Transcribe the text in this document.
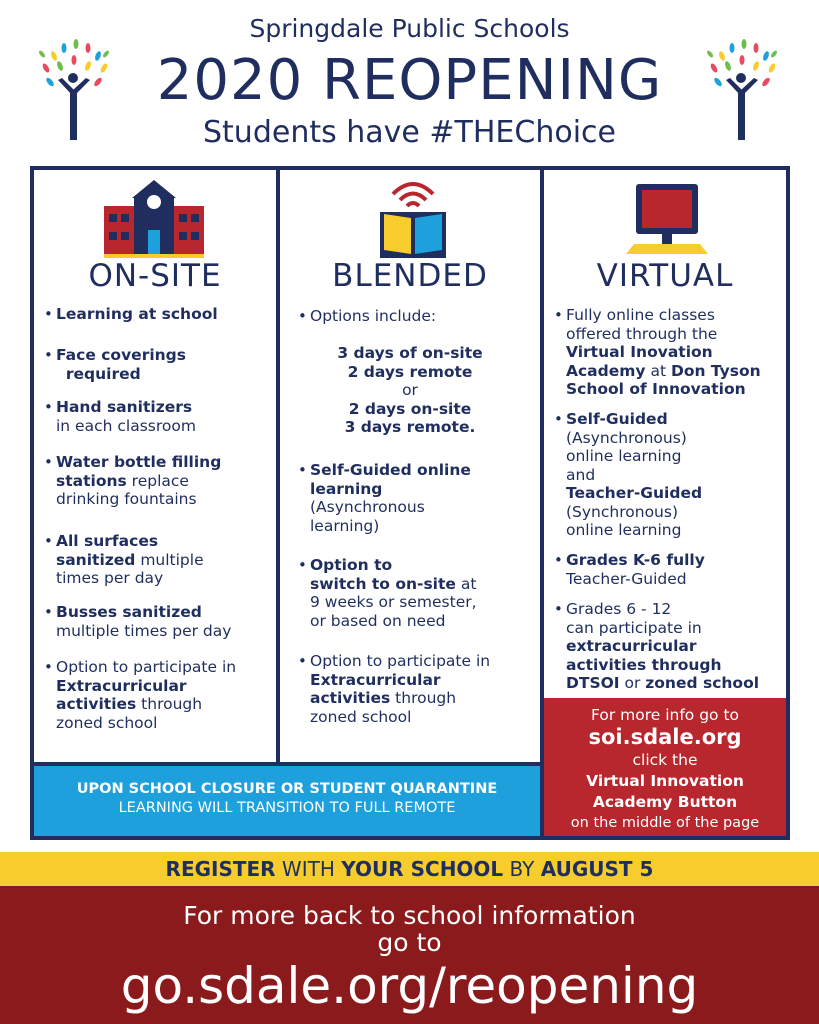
Springdale Public Schools
2020 REOPENING
Students have #THEChoice
ON-SITE
• Learning at school
• Face coverings
required
• Hand sanitizers
in each classroom
• Water bottle filling
stations replace
drinking fountains
• All surfaces
sanitized multiple
times per day
• Busses sanitized
multiple times per day
• Option to participate in
Extracurricular
activities through
zoned school
BLENDED
• Options include:
3 days of on-site
2 days remote
or
2 days on-site
3 days remote.
• Self-Guided online
learning
(Asynchronous
learning)
• Option to
switch to on-site at
9 weeks or semester,
or based on need
• Option to participate in
Extracurricular
activities through
zoned school
VIRTUAL
• Fully online classes
offered through the
Virtual Inovation
Academy at Don Tyson
School of Innovation
• Self-Guided
(Asynchronous)
online learning
and
Teacher-Guided
(Synchronous)
online learning
• Grades K-6 fully
Teacher-Guided
• Grades 6 - 12
can participate in
extracurricular
activities through
DTSOI or zoned school
UPON SCHOOL CLOSURE OR STUDENT QUARANTINE
LEARNING WILL TRANSITION TO FULL REMOTE
For more info go to
soi.sdale.org
click the
Virtual Innovation
Academy Button
on the middle of the page
REGISTER WITH YOUR SCHOOL BY AUGUST 5
For more back to school information
go to
go.sdale.org/reopening
